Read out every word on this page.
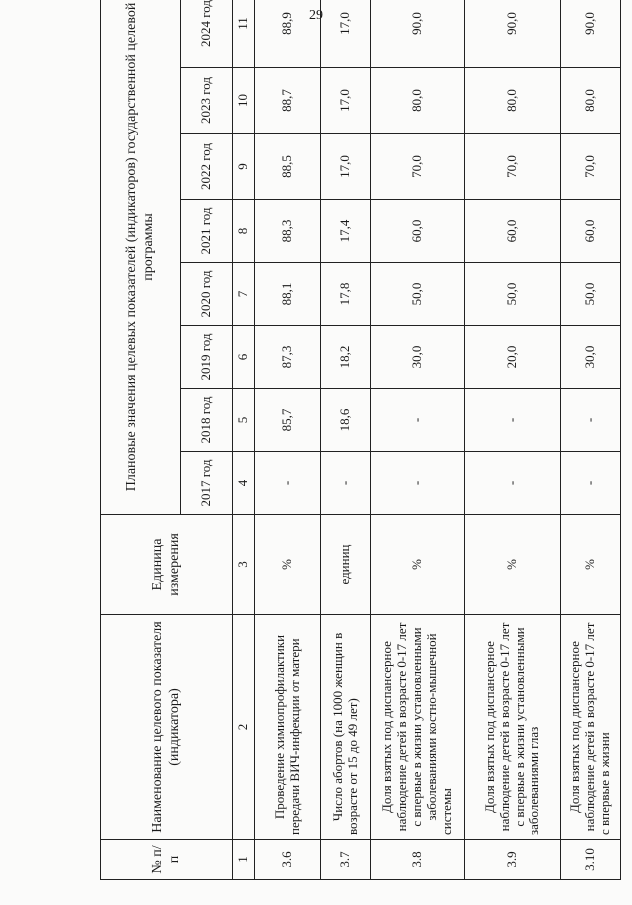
29
№ п/п	Наименование целевого показателя (индикатора)	Единица измерения	Плановые значения целевых показателей (индикаторов) государственной целевой программы							
			2017 год	2018 год	2019 год	2020 год	2021 год	2022 год	2023 год	2024 год
1	2	3	4	5	6	7	8	9	10	11
3.6	Проведение химиопрофилактики передачи ВИЧ-инфекции от матери	%	-	85,7	87,3	88,1	88,3	88,5	88,7	88,9
3.7	Число абортов (на 1000 женщин в возрасте от 15 до 49 лет)	единиц	-	18,6	18,2	17,8	17,4	17,0	17,0	17,0
3.8	Доля взятых под диспансерное наблюдение детей в возрасте 0-17 лет с впервые в жизни установленными заболеваниями костно-мышечной системы	%	-	-	30,0	50,0	60,0	70,0	80,0	90,0
3.9	Доля взятых под диспансерное наблюдение детей в возрасте 0-17 лет с впервые в жизни установленными заболеваниями глаз	%	-	-	20,0	50,0	60,0	70,0	80,0	90,0
3.10	Доля взятых под диспансерное наблюдение детей в возрасте 0-17 лет с впервые в жизни	%	-	-	30,0	50,0	60,0	70,0	80,0	90,0
